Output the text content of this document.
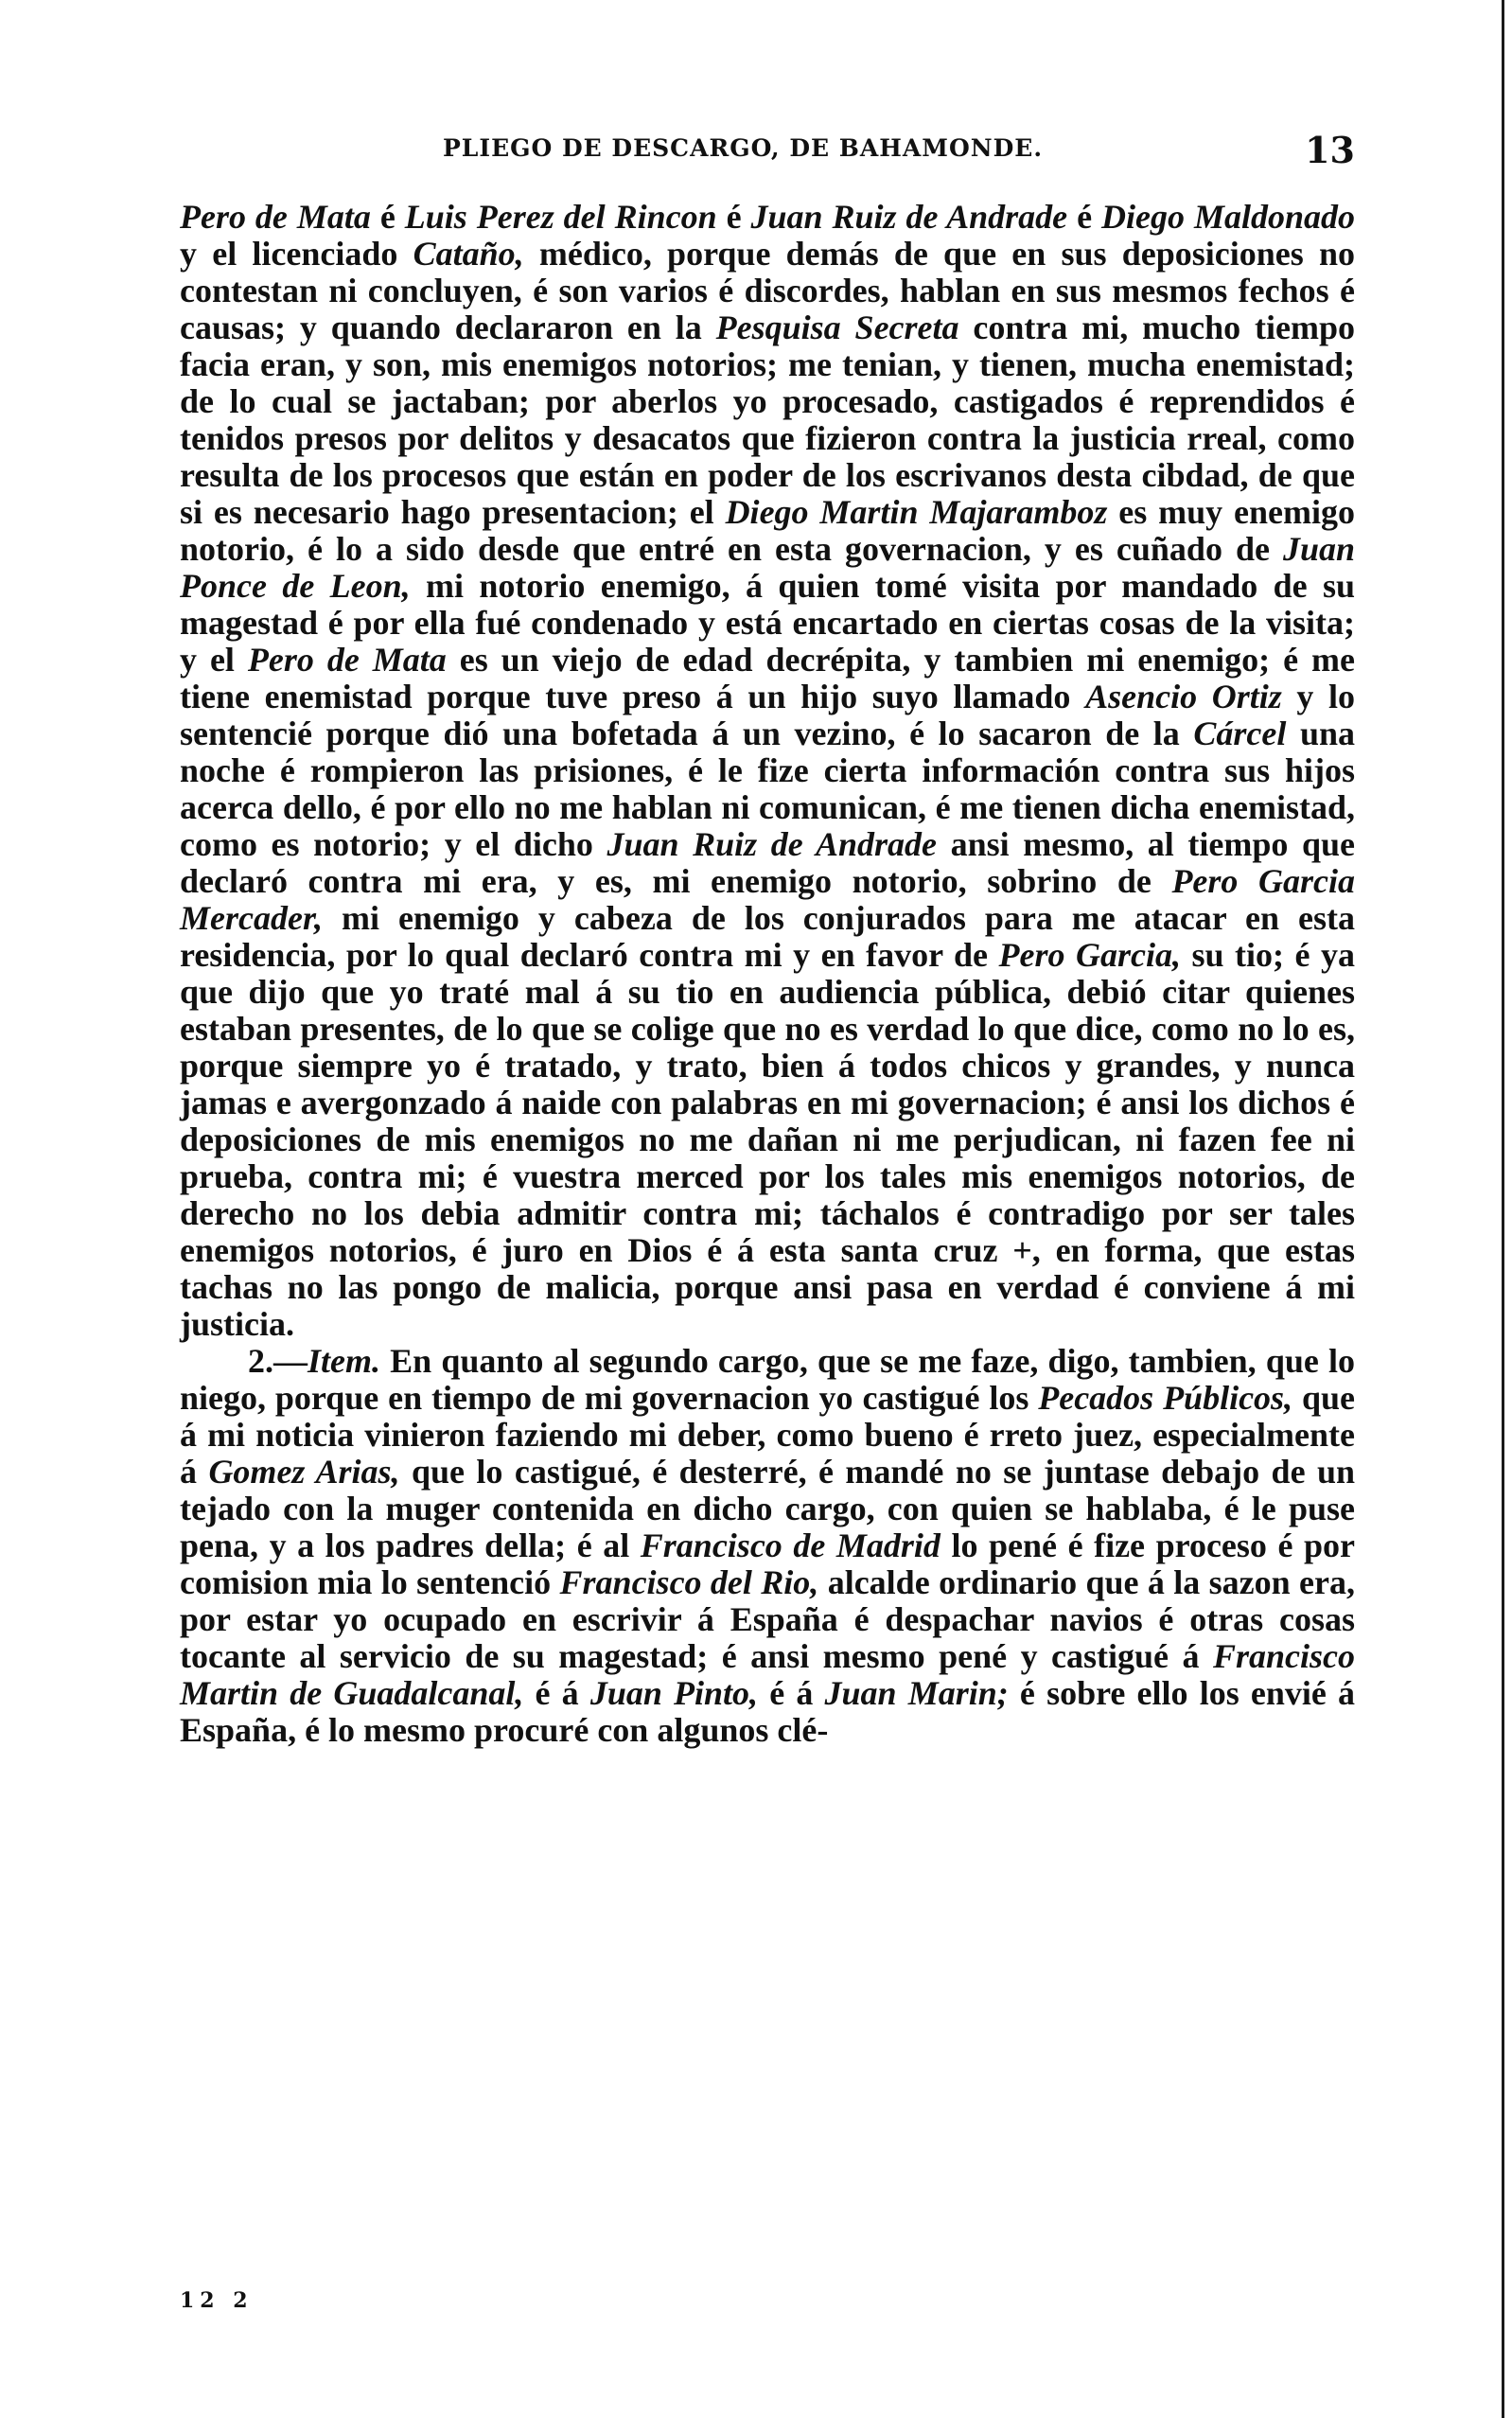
PLIEGO DE DESCARGO, DE BAHAMONDE.	13

Pero de Mata é Luis Perez del Rincon é Juan Ruiz de Andrade é Diego Maldonado y el licenciado Cataño, médico, porque demás de que en sus deposiciones no contestan ni concluyen, é son varios é discordes, hablan en sus mesmos fechos é causas; y quando declararon en la Pesquisa Secreta contra mi, mucho tiempo facia eran, y son, mis enemigos notorios; me tenian, y tienen, mucha enemistad; de lo cual se jactaban; por aberlos yo procesado, castigados é reprendidos é tenidos presos por delitos y desacatos que fizieron contra la justicia rreal, como resulta de los procesos que están en poder de los escrivanos desta cibdad, de que si es necesario hago presentacion; el Diego Martin Majaramboz es muy enemigo notorio, é lo a sido desde que entré en esta governacion, y es cuñado de Juan Ponce de Leon, mi notorio enemigo, á quien tomé visita por mandado de su magestad é por ella fué condenado y está encartado en ciertas cosas de la visita; y el Pero de Mata es un viejo de edad decrépita, y tambien mi enemigo; é me tiene enemistad porque tuve preso á un hijo suyo llamado Asencio Ortiz y lo sentencié porque dió una bofetada á un vezino, é lo sacaron de la Cárcel una noche é rompieron las prisiones, é le fize cierta información contra sus hijos acerca dello, é por ello no me hablan ni comunican, é me tienen dicha enemistad, como es notorio; y el dicho Juan Ruiz de Andrade ansi mesmo, al tiempo que declaró contra mi era, y es, mi enemigo notorio, sobrino de Pero Garcia Mercader, mi enemigo y cabeza de los conjurados para me atacar en esta residencia, por lo qual declaró contra mi y en favor de Pero Garcia, su tio; é ya que dijo que yo traté mal á su tio en audiencia pública, debió citar quienes estaban presentes, de lo que se colige que no es verdad lo que dice, como no lo es, porque siempre yo é tratado, y trato, bien á todos chicos y grandes, y nunca jamas e avergonzado á naide con palabras en mi governacion; é ansi los dichos é deposiciones de mis enemigos no me dañan ni me perjudican, ni fazen fee ni prueba, contra mi; é vuestra merced por los tales mis enemigos notorios, de derecho no los debia admitir contra mi; táchalos é contradigo por ser tales enemigos notorios, é juro en Dios é á esta santa cruz +, en forma, que estas tachas no las pongo de malicia, porque ansi pasa en verdad é conviene á mi justicia.

2.—Item. En quanto al segundo cargo, que se me faze, digo, tambien, que lo niego, porque en tiempo de mi governacion yo castigué los Pecados Públicos, que á mi noticia vinieron faziendo mi deber, como bueno é rreto juez, especialmente á Gomez Arias, que lo castigué, é desterré, é mandé no se juntase debajo de un tejado con la muger contenida en dicho cargo, con quien se hablaba, é le puse pena, y a los padres della; é al Francisco de Madrid lo pené é fize proceso é por comision mia lo sentenció Francisco del Rio, alcalde ordinario que á la sazon era, por estar yo ocupado en escrivir á España é despachar navios é otras cosas tocante al servicio de su magestad; é ansi mesmo pené y castigué á Francisco Martin de Guadalcanal, é á Juan Pinto, é á Juan Marin; é sobre ello los envié á España, é lo mesmo procuré con algunos clé-

12 2
